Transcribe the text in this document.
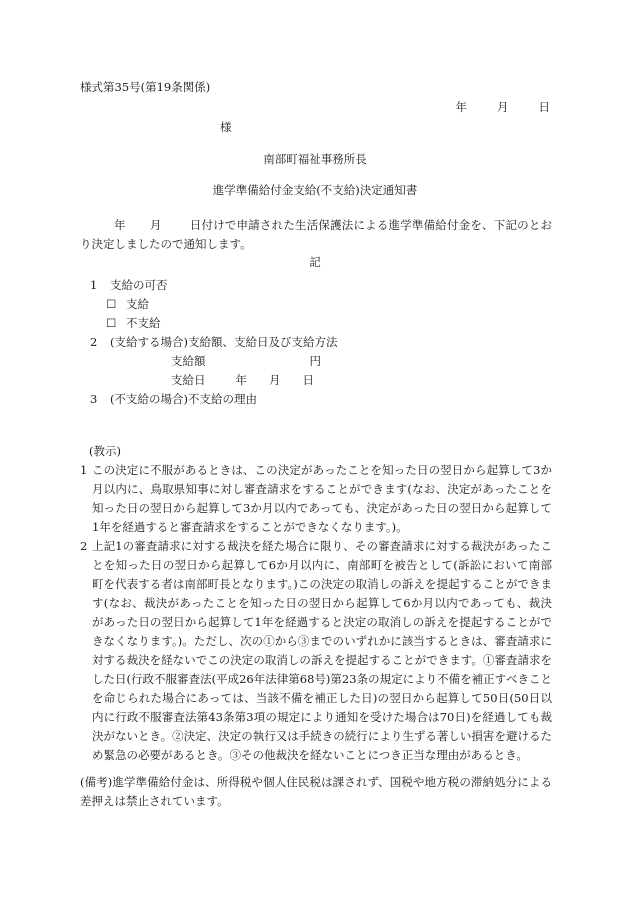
様式第35号(第19条関係)
年	月	日
様
南部町福祉事務所長
進学準備給付金支給(不支給)決定通知書
年 月 日付けで申請された生活保護法による進学準備給付金を、下記のとおり決定しましたので通知します。
記
1 支給の可否
☐ 支給
☐ 不支給
2 (支給する場合)支給額、支給日及び支給方法
支給額	円
支給日	年 月 日
3 (不支給の場合)不支給の理由
(教示)
1 この決定に不服があるときは、この決定があったことを知った日の翌日から起算して3か月以内に、鳥取県知事に対し審査請求をすることができます(なお、決定があったことを知った日の翌日から起算して3か月以内であっても、決定があった日の翌日から起算して1年を経過すると審査請求をすることができなくなります。)。
2 上記1の審査請求に対する裁決を経た場合に限り、その審査請求に対する裁決があったことを知った日の翌日から起算して6か月以内に、南部町を被告として(訴訟において南部町を代表する者は南部町長となります。)この決定の取消しの訴えを提起することができます(なお、裁決があったことを知った日の翌日から起算して6か月以内であっても、裁決があった日の翌日から起算して1年を経過すると決定の取消しの訴えを提起することができなくなります。)。ただし、次の①から③までのいずれかに該当するときは、審査請求に対する裁決を経ないでこの決定の取消しの訴えを提起することができます。①審査請求をした日(行政不服審査法(平成26年法律第68号)第23条の規定により不備を補正すべきことを命じられた場合にあっては、当該不備を補正した日)の翌日から起算して50日(50日以内に行政不服審査法第43条第3項の規定により通知を受けた場合は70日)を経過しても裁決がないとき。②決定、決定の執行又は手続きの続行により生ずる著しい損害を避けるため緊急の必要があるとき。③その他裁決を経ないことにつき正当な理由があるとき。
(備考)進学準備給付金は、所得税や個人住民税は課されず、国税や地方税の滞納処分による差押えは禁止されています。
